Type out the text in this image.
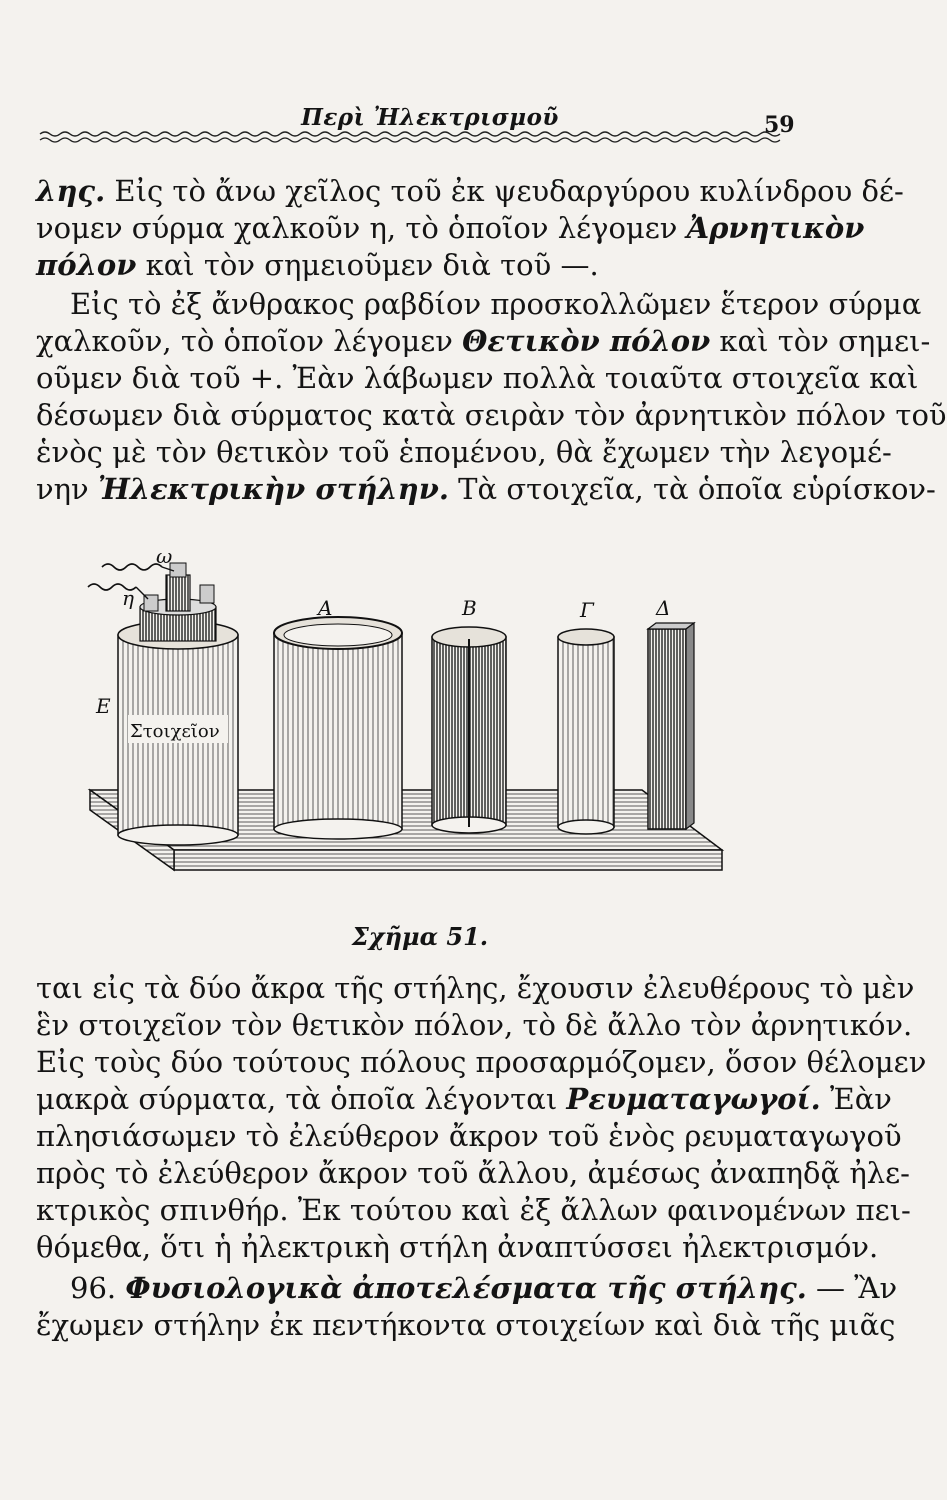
Περὶ Ἠλεκτρισμοῦ	59

λης. Εἰς τὸ ἄνω χεῖλος τοῦ ἐκ ψευδαργύρου κυλίνδρου δέ-
νομεν σύρμα χαλκοῦν η, τὸ ὁποῖον λέγομεν Ἀρνητικὸν
πόλον καὶ τὸν σημειοῦμεν διὰ τοῦ —.

Εἰς τὸ ἐξ ἄνθρακος ραβδίον προσκολλῶμεν ἕτερον σύρμα
χαλκοῦν, τὸ ὁποῖον λέγομεν Θετικὸν πόλον καὶ τὸν σημει-
οῦμεν διὰ τοῦ +. Ἐὰν λάβωμεν πολλὰ τοιαῦτα στοιχεῖα καὶ
δέσωμεν διὰ σύρματος κατὰ σειρὰν τὸν ἀρνητικὸν πόλον τοῦ
ἑνὸς μὲ τὸν θετικὸν τοῦ ἑπομένου, θὰ ἔχωμεν τὴν λεγομέ-
νην Ἠλεκτρικὴν στήλην. Τὰ στοιχεῖα, τὰ ὁποῖα εὑρίσκον-

Στοιχεῖον
ω
η
Ε
Α	Β	Γ	Δ
Σχῆμα 51.

ται εἰς τὰ δύο ἄκρα τῆς στήλης, ἔχουσιν ἐλευθέρους τὸ μὲν
ἓν στοιχεῖον τὸν θετικὸν πόλον, τὸ δὲ ἄλλο τὸν ἀρνητικόν.
Εἰς τοὺς δύο τούτους πόλους προσαρμόζομεν, ὅσον θέλομεν
μακρὰ σύρματα, τὰ ὁποῖα λέγονται Ρευματαγωγοί. Ἐὰν
πλησιάσωμεν τὸ ἐλεύθερον ἄκρον τοῦ ἑνὸς ρευματαγωγοῦ
πρὸς τὸ ἐλεύθερον ἄκρον τοῦ ἄλλου, ἀμέσως ἀναπηδᾷ ἠλε-
κτρικὸς σπινθήρ. Ἐκ τούτου καὶ ἐξ ἄλλων φαινομένων πει-
θόμεθα, ὅτι ἡ ἠλεκτρικὴ στήλη ἀναπτύσσει ἠλεκτρισμόν.

96. Φυσιολογικὰ ἀποτελέσματα τῆς στήλης. — Ἂν
ἔχωμεν στήλην ἐκ πεντήκοντα στοιχείων καὶ διὰ τῆς μιᾶς
